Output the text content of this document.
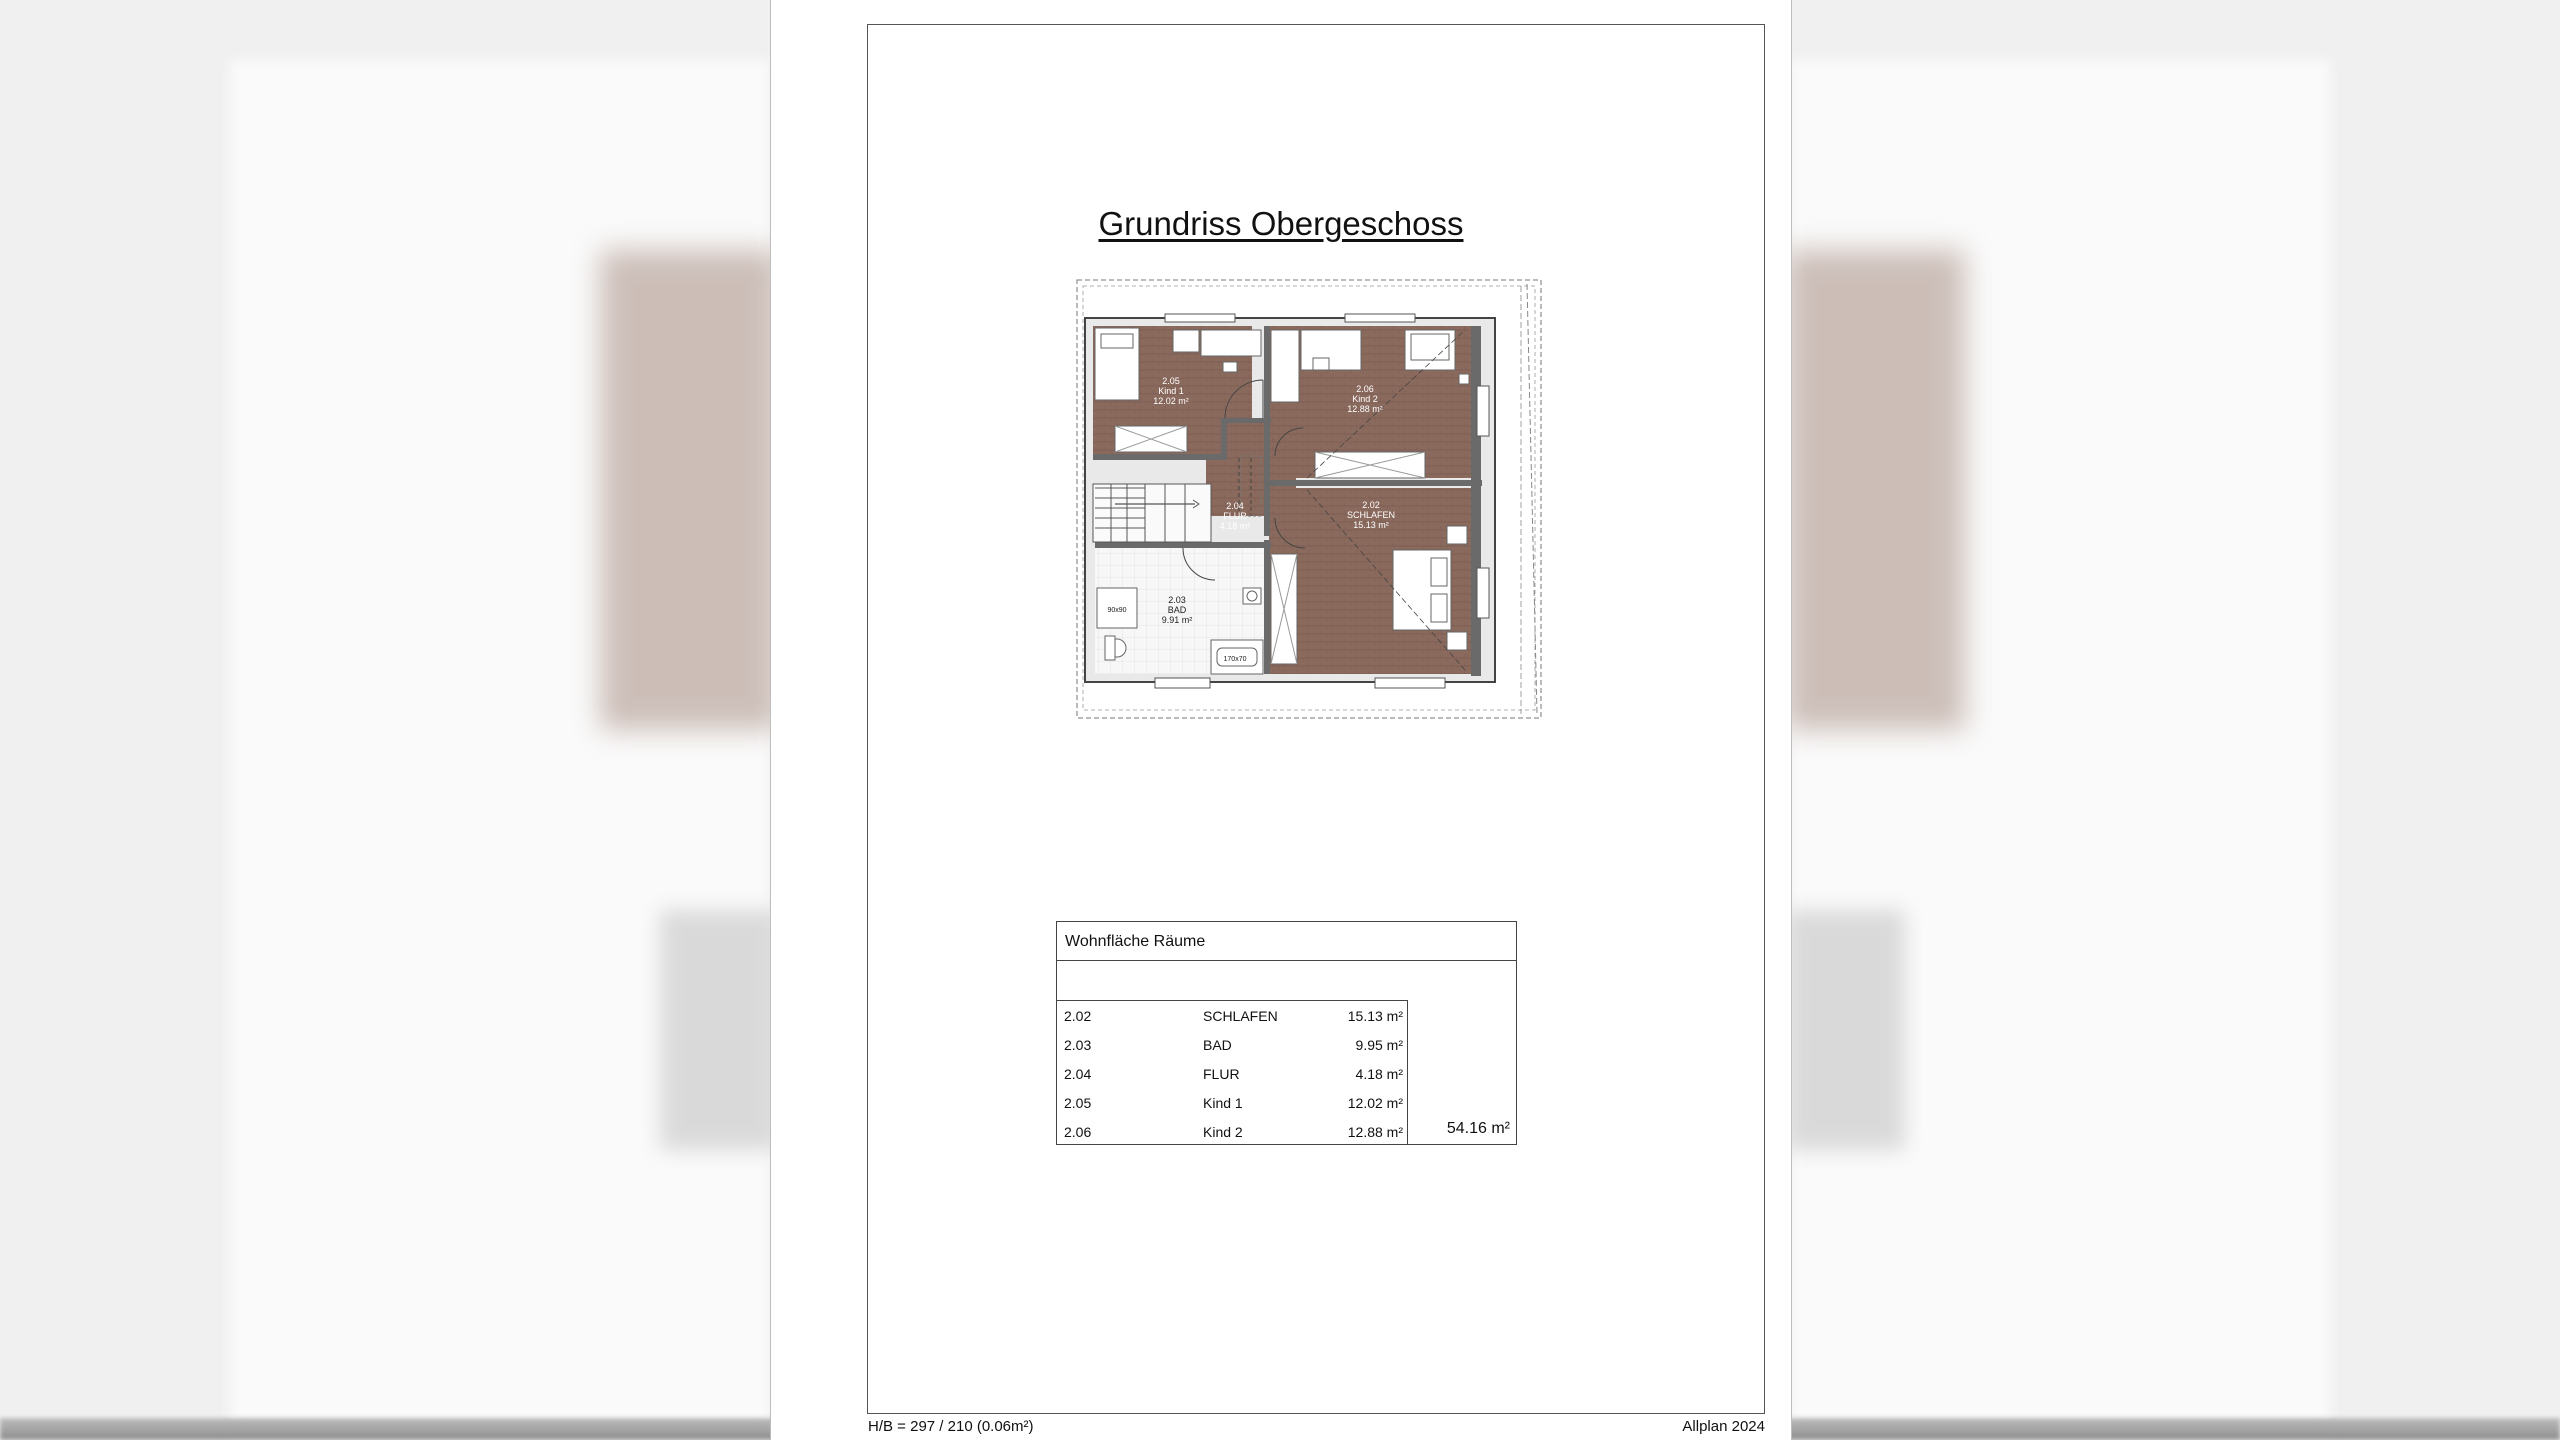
Grundriss Obergeschoss
2.05
Kind 1
12.02 m²
2.06
Kind 2
12.88 m²
2.04
FLUR
4.18 m²
2.02
SCHLAFEN
15.13 m²
2.03
BAD
9.91 m²
90x90
170x70
Wohnfläche Räume
2.02	SCHLAFEN	15.13 m²
2.03	BAD	9.95 m²
2.04	FLUR	4.18 m²
2.05	Kind 1	12.02 m²
2.06	Kind 2	12.88 m²	54.16 m²
H/B = 297 / 210 (0.06m²)	Allplan 2024
